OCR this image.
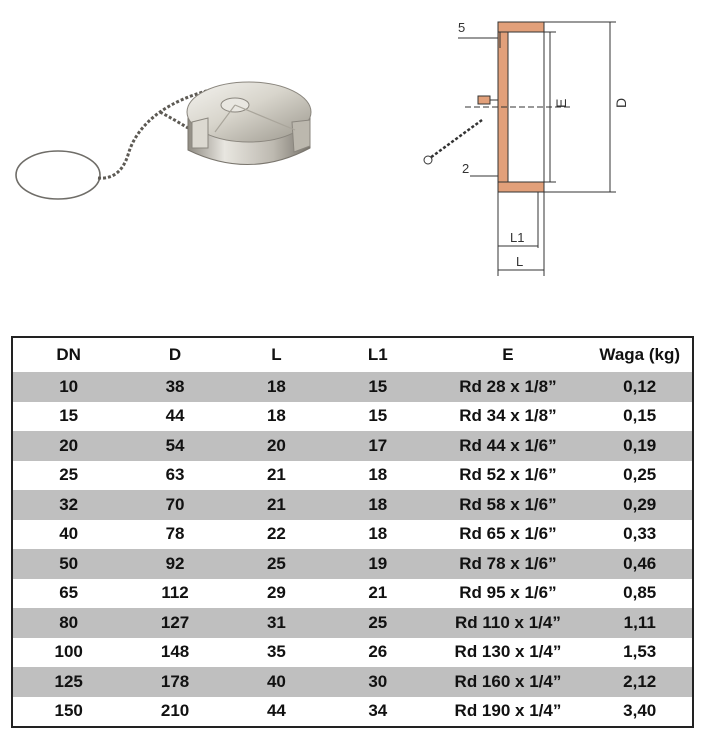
5
2
E	D
L1
L
DN	D	L	L1	E	Waga (kg)
10	38	18	15	Rd 28 x 1/8”	0,12
15	44	18	15	Rd 34 x 1/8”	0,15
20	54	20	17	Rd 44 x 1/6”	0,19
25	63	21	18	Rd 52 x 1/6”	0,25
32	70	21	18	Rd 58 x 1/6”	0,29
40	78	22	18	Rd 65 x 1/6”	0,33
50	92	25	19	Rd 78 x 1/6”	0,46
65	112	29	21	Rd 95 x 1/6”	0,85
80	127	31	25	Rd 110 x 1/4”	1,11
100	148	35	26	Rd 130 x 1/4”	1,53
125	178	40	30	Rd 160 x 1/4”	2,12
150	210	44	34	Rd 190 x 1/4”	3,40
